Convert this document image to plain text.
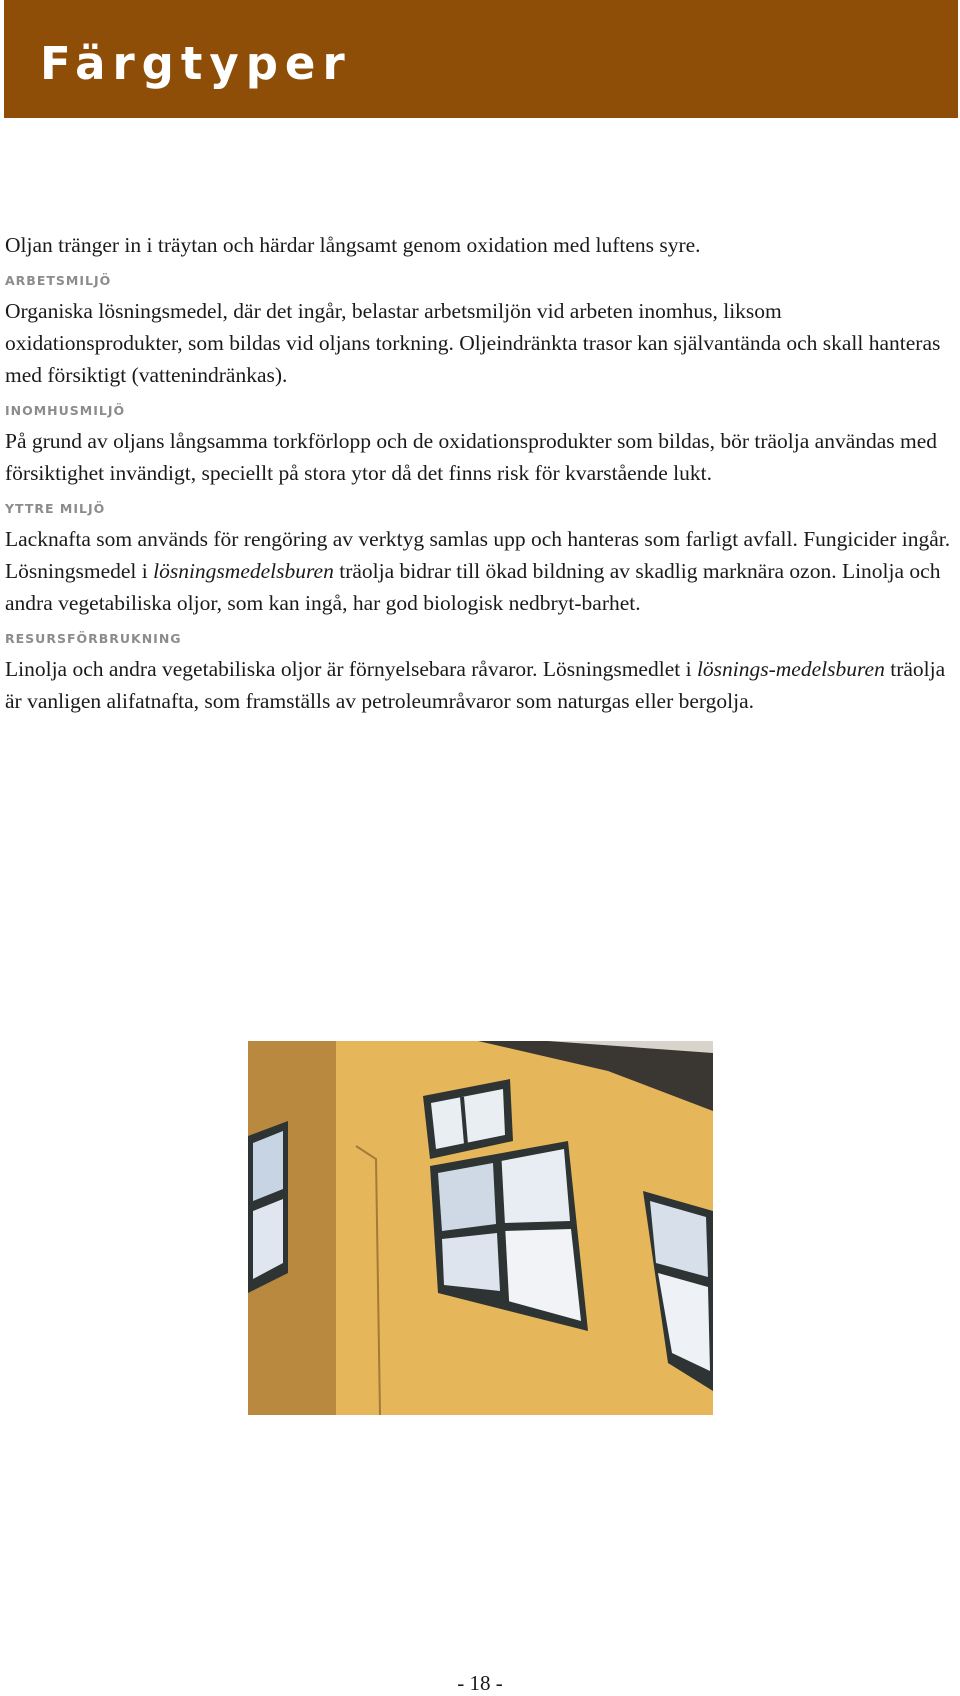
Färgtyper

Oljan tränger in i träytan och härdar långsamt genom oxidation med luftens syre.

ARBETSMILJÖ

Organiska lösningsmedel, där det ingår, belastar arbetsmiljön vid arbeten inomhus, liksom oxidationsprodukter, som bildas vid oljans torkning. Oljeindränkta trasor kan självantända och skall hanteras med försiktigt (vattenindränkas).

INOMHUSMILJÖ

På grund av oljans långsamma torkförlopp och de oxidationsprodukter som bildas, bör träolja användas med försiktighet invändigt, speciellt på stora ytor då det finns risk för kvarstående lukt.

YTTRE MILJÖ

Lacknafta som används för rengöring av verktyg samlas upp och hanteras som farligt avfall. Fungicider ingår. Lösningsmedel i lösningsmedelsburen träolja bidrar till ökad bildning av skadlig marknära ozon. Linolja och andra vegetabiliska oljor, som kan ingå, har god biologisk nedbryt-barhet.

RESURSFÖRBRUKNING

Linolja och andra vegetabiliska oljor är förnyelsebara råvaror. Lösningsmedlet i lösnings-medelsburen träolja är vanligen alifatnafta, som framställs av petroleumråvaror som naturgas eller bergolja.

- 18 -
